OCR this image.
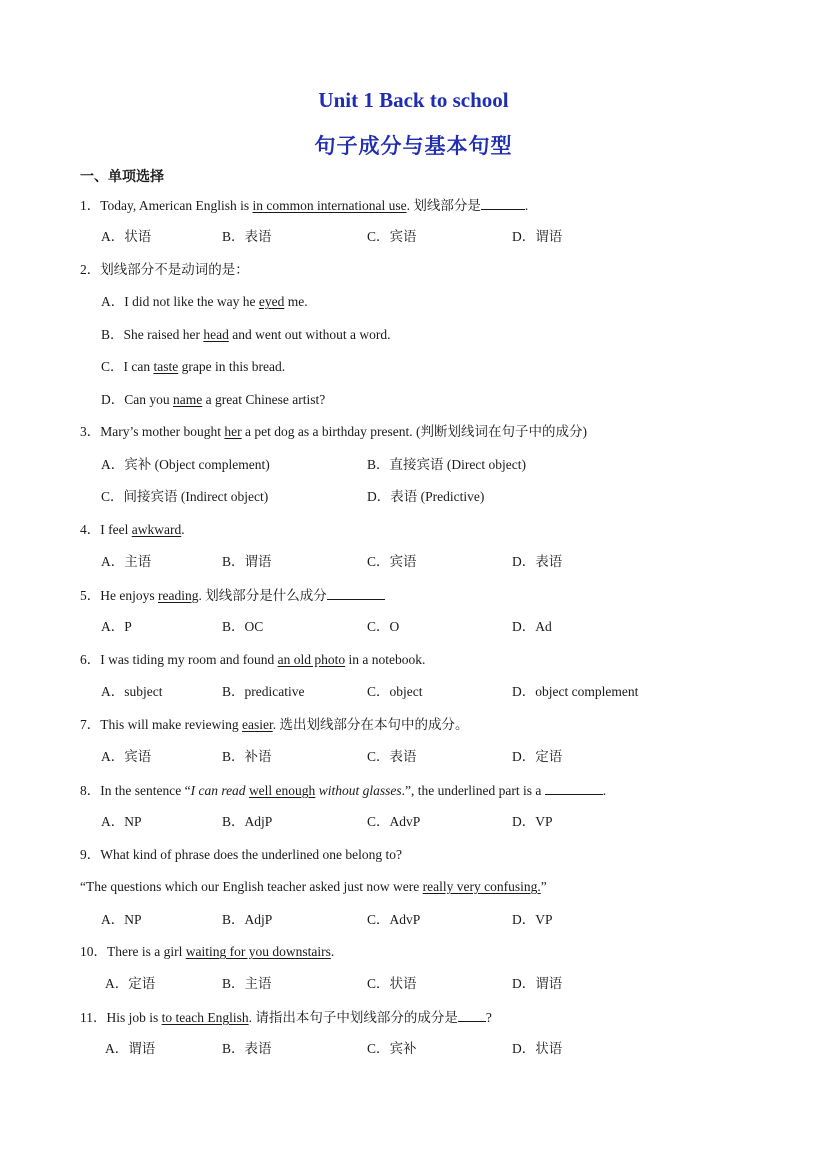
Unit 1 Back to school
句子成分与基本句型
一、单项选择
1．Today, American English is in common international use. 划线部分是	.
A．状语	B．表语	C．宾语	D．谓语
2．划线部分不是动词的是：
A．I did not like the way he eyed me.
B．She raised her head and went out without a word.
C．I can taste grape in this bread.
D．Can you name a great Chinese artist?
3．Mary’s mother bought her a pet dog as a birthday present. (判断划线词在句子中的成分)
A．宾补 (Object complement)	B．直接宾语 (Direct object)
C．间接宾语 (Indirect object)	D．表语 (Predictive)
4．I feel awkward.
A．主语	B．谓语	C．宾语	D．表语
5．He enjoys reading. 划线部分是什么成分
A．P	B．OC	C．O	D．Ad
6．I was tiding my room and found an old photo in a notebook.
A．subject	B．predicative	C．object	D．object complement
7．This will make reviewing easier. 选出划线部分在本句中的成分。
A．宾语	B．补语	C．表语	D．定语
8．In the sentence “I can read well enough without glasses.”, the underlined part is a	.
A．NP	B．AdjP	C．AdvP	D．VP
9．What kind of phrase does the underlined one belong to?
“The questions which our English teacher asked just now were really very confusing.”
A．NP	B．AdjP	C．AdvP	D．VP
10．There is a girl waiting for you downstairs.
A．定语	B．主语	C．状语	D．谓语
11．His job is to teach English. 请指出本句子中划线部分的成分是 ?
A．谓语	B．表语	C．宾补	D．状语
